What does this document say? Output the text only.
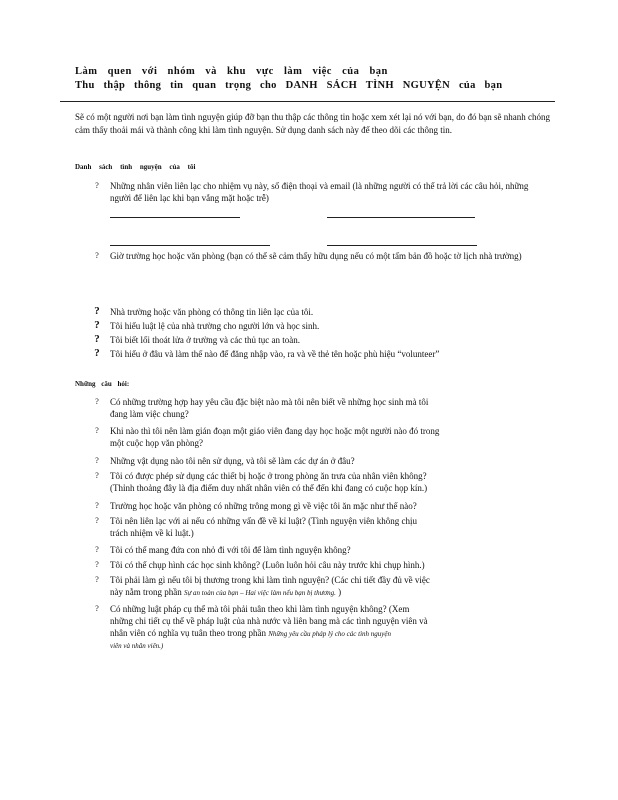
Làm quen với nhóm và khu vực làm việc của bạn

Thu thập thông tin quan trọng cho DANH SÁCH TÌNH NGUYỆN của bạn

Sẽ có một người nơi bạn làm tình nguyện giúp đỡ bạn thu thập các thông tin hoặc xem xét lại nó với bạn, do đó bạn sẽ nhanh chóng cảm thấy thoải mái và thành công khi làm tình nguyện. Sử dụng danh sách này để theo dõi các thông tin.

Danh sách tình nguyện của tôi
?	Những nhân viên liên lạc cho nhiệm vụ này, số điện thoại và email (là những người có thể trả lời các câu hỏi, những người để liên lạc khi bạn vắng mặt hoặc trễ)
?	Giờ trường học hoặc văn phòng (bạn có thể sẽ cảm thấy hữu dụng nếu có một tấm bản đồ hoặc tờ lịch nhà trường)
?	Nhà trường hoặc văn phòng có thông tin liên lạc của tôi.
?	Tôi hiểu luật lệ của nhà trường cho người lớn và học sinh.
?	Tôi biết lối thoát lửa ở trường và các thủ tục an toàn.
?	Tôi hiểu ở đâu và làm thế nào để đăng nhập vào, ra và về thẻ tên hoặc phù hiệu “volunteer”
Những câu hỏi:
?	Có những trường hợp hay yêu cầu đặc biệt nào mà tôi nên biết về những học sinh mà tôi
đang làm việc chung?
?	Khi nào thì tôi nên làm gián đoạn một giáo viên đang dạy học hoặc một người nào đó trong
một cuộc họp văn phòng?
?	Những vật dụng nào tôi nên sử dụng, và tôi sẽ làm các dự án ở đâu?
?	Tôi có được phép sử dụng các thiết bị hoặc ở trong phòng ăn trưa của nhân viên không?
(Thỉnh thoảng đây là địa điểm duy nhất nhân viên có thể đến khi đang có cuộc họp kín.)
?	Trường học hoặc văn phòng có những trông mong gì về việc tôi ăn mặc như thế nào?
?	Tôi nên liên lạc với ai nếu có những vấn đề về kỉ luật? (Tình nguyện viên không chịu
trách nhiệm về kỉ luật.)
?	Tôi có thể mang đứa con nhỏ đi với tôi để làm tình nguyện không?
?	Tôi có thể chụp hình các học sinh không? (Luôn luôn hỏi câu này trước khi chụp hình.)
?	Tôi phải làm gì nếu tôi bị thương trong khi làm tình nguyện? (Các chi tiết đầy đủ về việc
này nằm trong phần Sự an toàn của bạn – Hai việc làm nếu bạn bị thương. )
?	Có những luật pháp cụ thể mà tôi phải tuân theo khi làm tình nguyện không? (Xem
những chi tiết cụ thể về pháp luật của nhà nước và liên bang mà các tình nguyện viên và
nhân viên có nghĩa vụ tuân theo trong phần Những yêu cầu pháp lý cho các tình nguyện
viên và nhân viên.)
